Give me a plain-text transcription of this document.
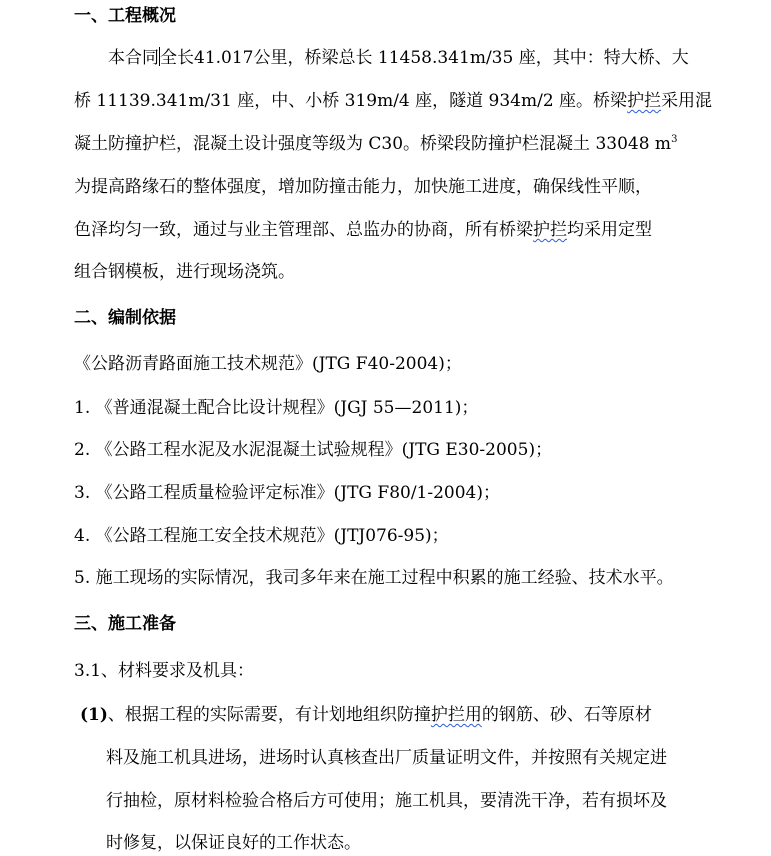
一、工程概况
本合同全长41.017公里，桥梁总长 11458.341m/35 座，其中：特大桥、大
桥 11139.341m/31 座，中、小桥 319m/4 座，隧道 934m/2 座。桥梁护拦采用混
凝土防撞护栏，混凝土设计强度等级为 C30。桥梁段防撞护栏混凝土 33048 $m^3$
为提高路缘石的整体强度，增加防撞击能力，加快施工进度，确保线性平顺，
色泽均匀一致，通过与业主管理部、总监办的协商，所有桥梁护拦均采用定型
组合钢模板，进行现场浇筑。
二、编制依据
《公路沥青路面施工技术规范》(JTG F40-2004)；
1. 《普通混凝土配合比设计规程》(JGJ 55—2011)；
2. 《公路工程水泥及水泥混凝土试验规程》(JTG E30-2005)；
3. 《公路工程质量检验评定标准》(JTG F80/1-2004)；
4. 《公路工程施工安全技术规范》(JTJ076-95)；
5. 施工现场的实际情况，我司多年来在施工过程中积累的施工经验、技术水平。
三、施工准备
3.1、材料要求及机具：
(1)、根据工程的实际需要，有计划地组织防撞护拦用的钢筋、砂、石等原材
料及施工机具进场，进场时认真核查出厂质量证明文件，并按照有关规定进
行抽检，原材料检验合格后方可使用；施工机具，要清洗干净，若有损坏及
时修复，以保证良好的工作状态。
